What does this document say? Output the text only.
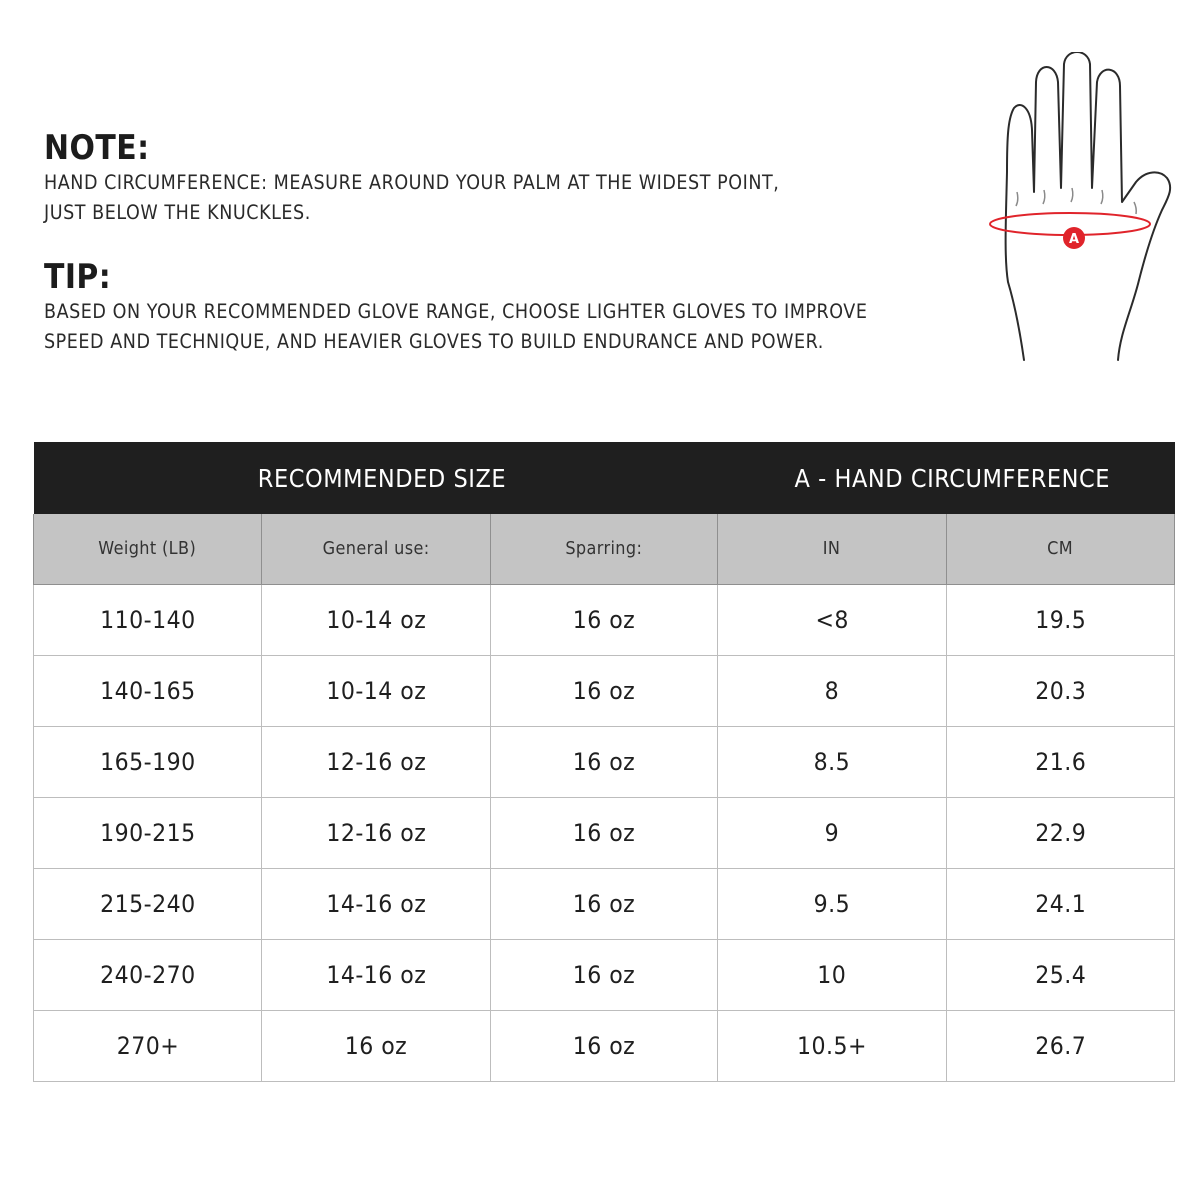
NOTE:
HAND CIRCUMFERENCE: MEASURE AROUND YOUR PALM AT THE WIDEST POINT,
JUST BELOW THE KNUCKLES.
TIP:
BASED ON YOUR RECOMMENDED GLOVE RANGE, CHOOSE LIGHTER GLOVES TO IMPROVE
SPEED AND TECHNIQUE, AND HEAVIER GLOVES TO BUILD ENDURANCE AND POWER.
A
RECOMMENDED SIZE			A - HAND CIRCUMFERENCE	
Weight (LB)	General use:	Sparring:	IN	CM
110-140	10-14 oz	16 oz	<8	19.5
140-165	10-14 oz	16 oz	8	20.3
165-190	12-16 oz	16 oz	8.5	21.6
190-215	12-16 oz	16 oz	9	22.9
215-240	14-16 oz	16 oz	9.5	24.1
240-270	14-16 oz	16 oz	10	25.4
270+	16 oz	16 oz	10.5+	26.7
